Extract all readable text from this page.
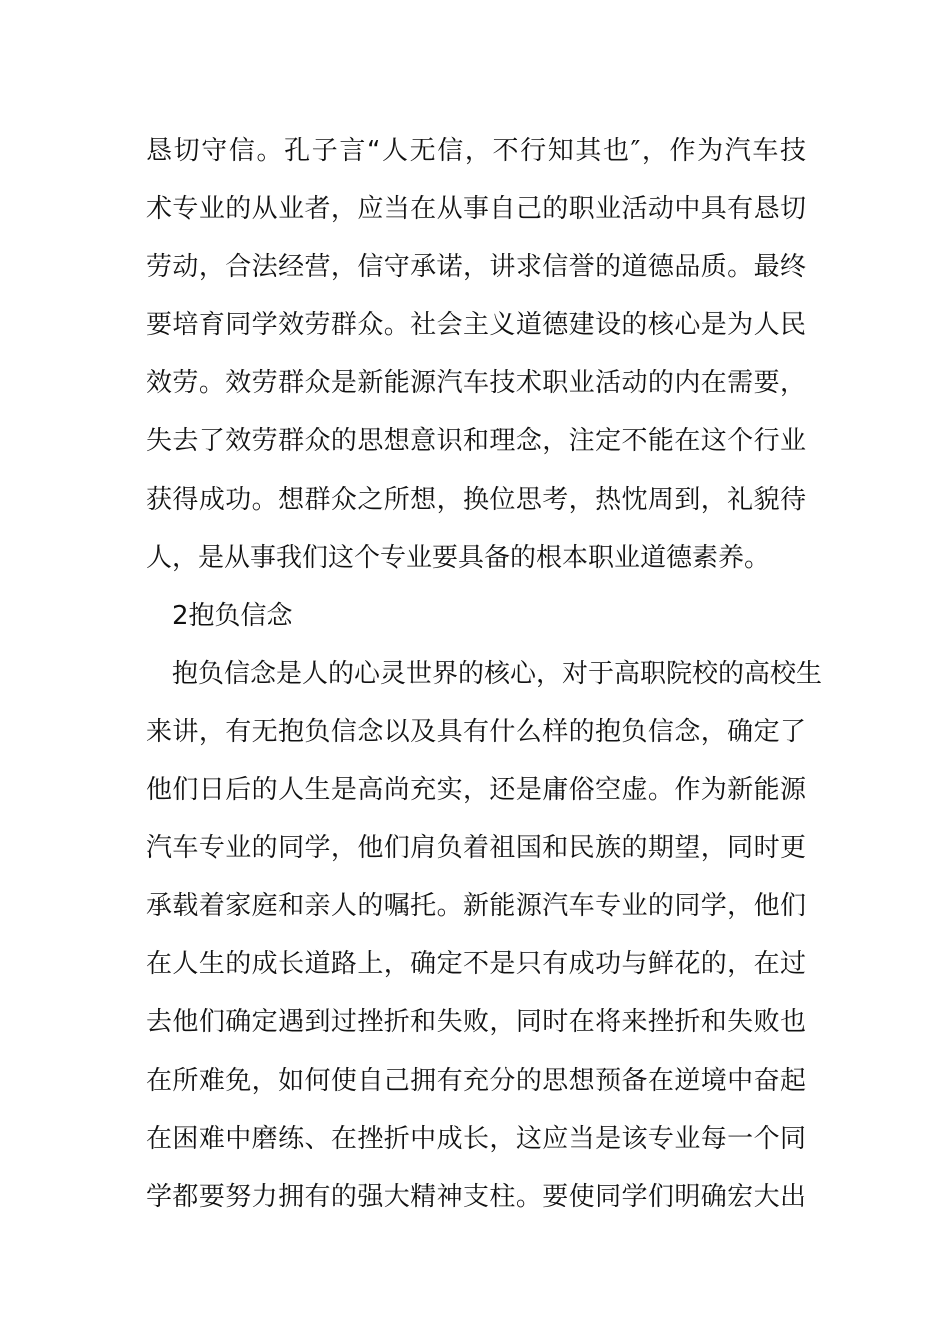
恳切守信。孔子言“人无信，不行知其也″，作为汽车技
术专业的从业者，应当在从事自己的职业活动中具有恳切
劳动，合法经营，信守承诺，讲求信誉的道德品质。最终
要培育同学效劳群众。社会主义道德建设的核心是为人民
效劳。效劳群众是新能源汽车技术职业活动的内在需要，
失去了效劳群众的思想意识和理念，注定不能在这个行业
获得成功。想群众之所想，换位思考，热忱周到，礼貌待
人，是从事我们这个专业要具备的根本职业道德素养。
2抱负信念
抱负信念是人的心灵世界的核心，对于高职院校的高校生
来讲，有无抱负信念以及具有什么样的抱负信念，确定了
他们日后的人生是高尚充实，还是庸俗空虚。作为新能源
汽车专业的同学，他们肩负着祖国和民族的期望，同时更
承载着家庭和亲人的嘱托。新能源汽车专业的同学，他们
在人生的成长道路上，确定不是只有成功与鲜花的，在过
去他们确定遇到过挫折和失败，同时在将来挫折和失败也
在所难免，如何使自己拥有充分的思想预备在逆境中奋起
在困难中磨练、在挫折中成长，这应当是该专业每一个同
学都要努力拥有的强大精神支柱。要使同学们明确宏大出
